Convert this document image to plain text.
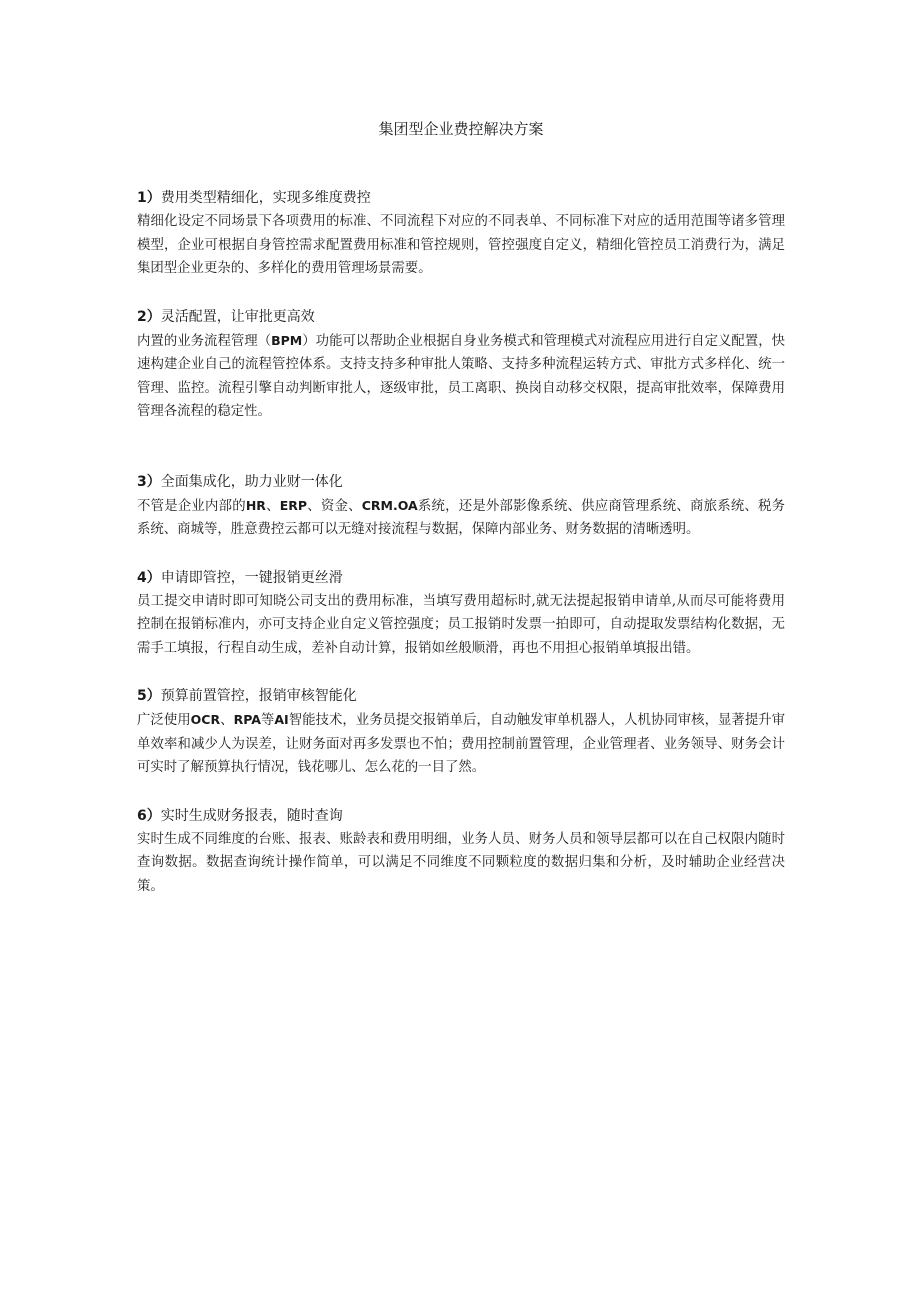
集团型企业费控解决方案

1）费用类型精细化，实现多维度费控

精细化设定不同场景下各项费用的标准、不同流程下对应的不同表单、不同标准下对应的适用范围等诸多管理模型，企业可根据自身管控需求配置费用标准和管控规则，管控强度自定义，精细化管控员工消费行为，满足集团型企业更杂的、多样化的费用管理场景需要。

2）灵活配置，让审批更高效

内置的业务流程管理（BPM）功能可以帮助企业根据自身业务模式和管理模式对流程应用进行自定义配置，快速构建企业自己的流程管控体系。支持支持多种审批人策略、支持多种流程运转方式、审批方式多样化、统一管理、监控。流程引擎自动判断审批人，逐级审批，员工离职、换岗自动移交权限，提高审批效率，保障费用管理各流程的稳定性。

3）全面集成化，助力业财一体化

不管是企业内部的HR、ERP、资金、CRM.OA系统，还是外部影像系统、供应商管理系统、商旅系统、税务系统、商城等，胜意费控云都可以无缝对接流程与数据，保障内部业务、财务数据的清晰透明。

4）申请即管控，一键报销更丝滑

员工提交申请时即可知晓公司支出的费用标准，当填写费用超标时,就无法提起报销申请单,从而尽可能将费用控制在报销标准内，亦可支持企业自定义管控强度；员工报销时发票一拍即可，自动提取发票结构化数据，无需手工填报，行程自动生成，差补自动计算，报销如丝般顺滑，再也不用担心报销单填报出错。

5）预算前置管控，报销审核智能化

广泛使用OCR、RPA等AI智能技术，业务员提交报销单后，自动触发审单机器人，人机协同审核，显著提升审单效率和减少人为误差，让财务面对再多发票也不怕；费用控制前置管理，企业管理者、业务领导、财务会计可实时了解预算执行情况，钱花哪儿、怎么花的一目了然。

6）实时生成财务报表，随时查询

实时生成不同维度的台账、报表、账龄表和费用明细，业务人员、财务人员和领导层都可以在自己权限内随时查询数据。数据查询统计操作简单，可以满足不同维度不同颗粒度的数据归集和分析，及时辅助企业经营决策。
